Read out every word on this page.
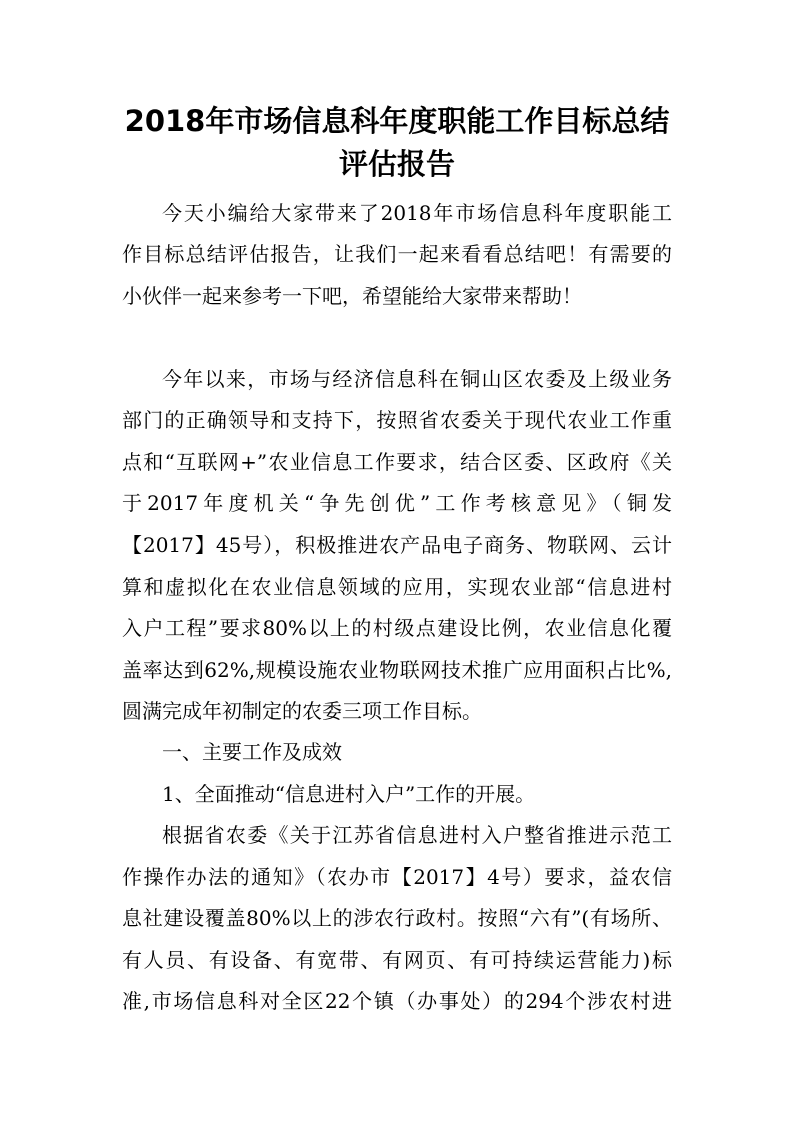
2018年市场信息科年度职能工作目标总结
评估报告

今天小编给大家带来了2018年市场信息科年度职能工

作目标总结评估报告，让我们一起来看看总结吧！有需要的

小伙伴一起来参考一下吧，希望能给大家带来帮助！

今年以来，市场与经济信息科在铜山区农委及上级业务

部门的正确领导和支持下，按照省农委关于现代农业工作重

点和“互联网+”农业信息工作要求，结合区委、区政府《关

于2017年度机关“争先创优”工作考核意见》（铜发

【2017】45号），积极推进农产品电子商务、物联网、云计

算和虚拟化在农业信息领域的应用，实现农业部“信息进村

入户工程”要求80%以上的村级点建设比例，农业信息化覆

盖率达到62%,规模设施农业物联网技术推广应用面积占比%,

圆满完成年初制定的农委三项工作目标。

一、主要工作及成效

1、全面推动“信息进村入户”工作的开展。

根据省农委《关于江苏省信息进村入户整省推进示范工

作操作办法的通知》（农办市【2017】4号）要求，益农信

息社建设覆盖80%以上的涉农行政村。按照“六有”(有场所、

有人员、有设备、有宽带、有网页、有可持续运营能力)标

准,市场信息科对全区22个镇（办事处）的294个涉农村进
